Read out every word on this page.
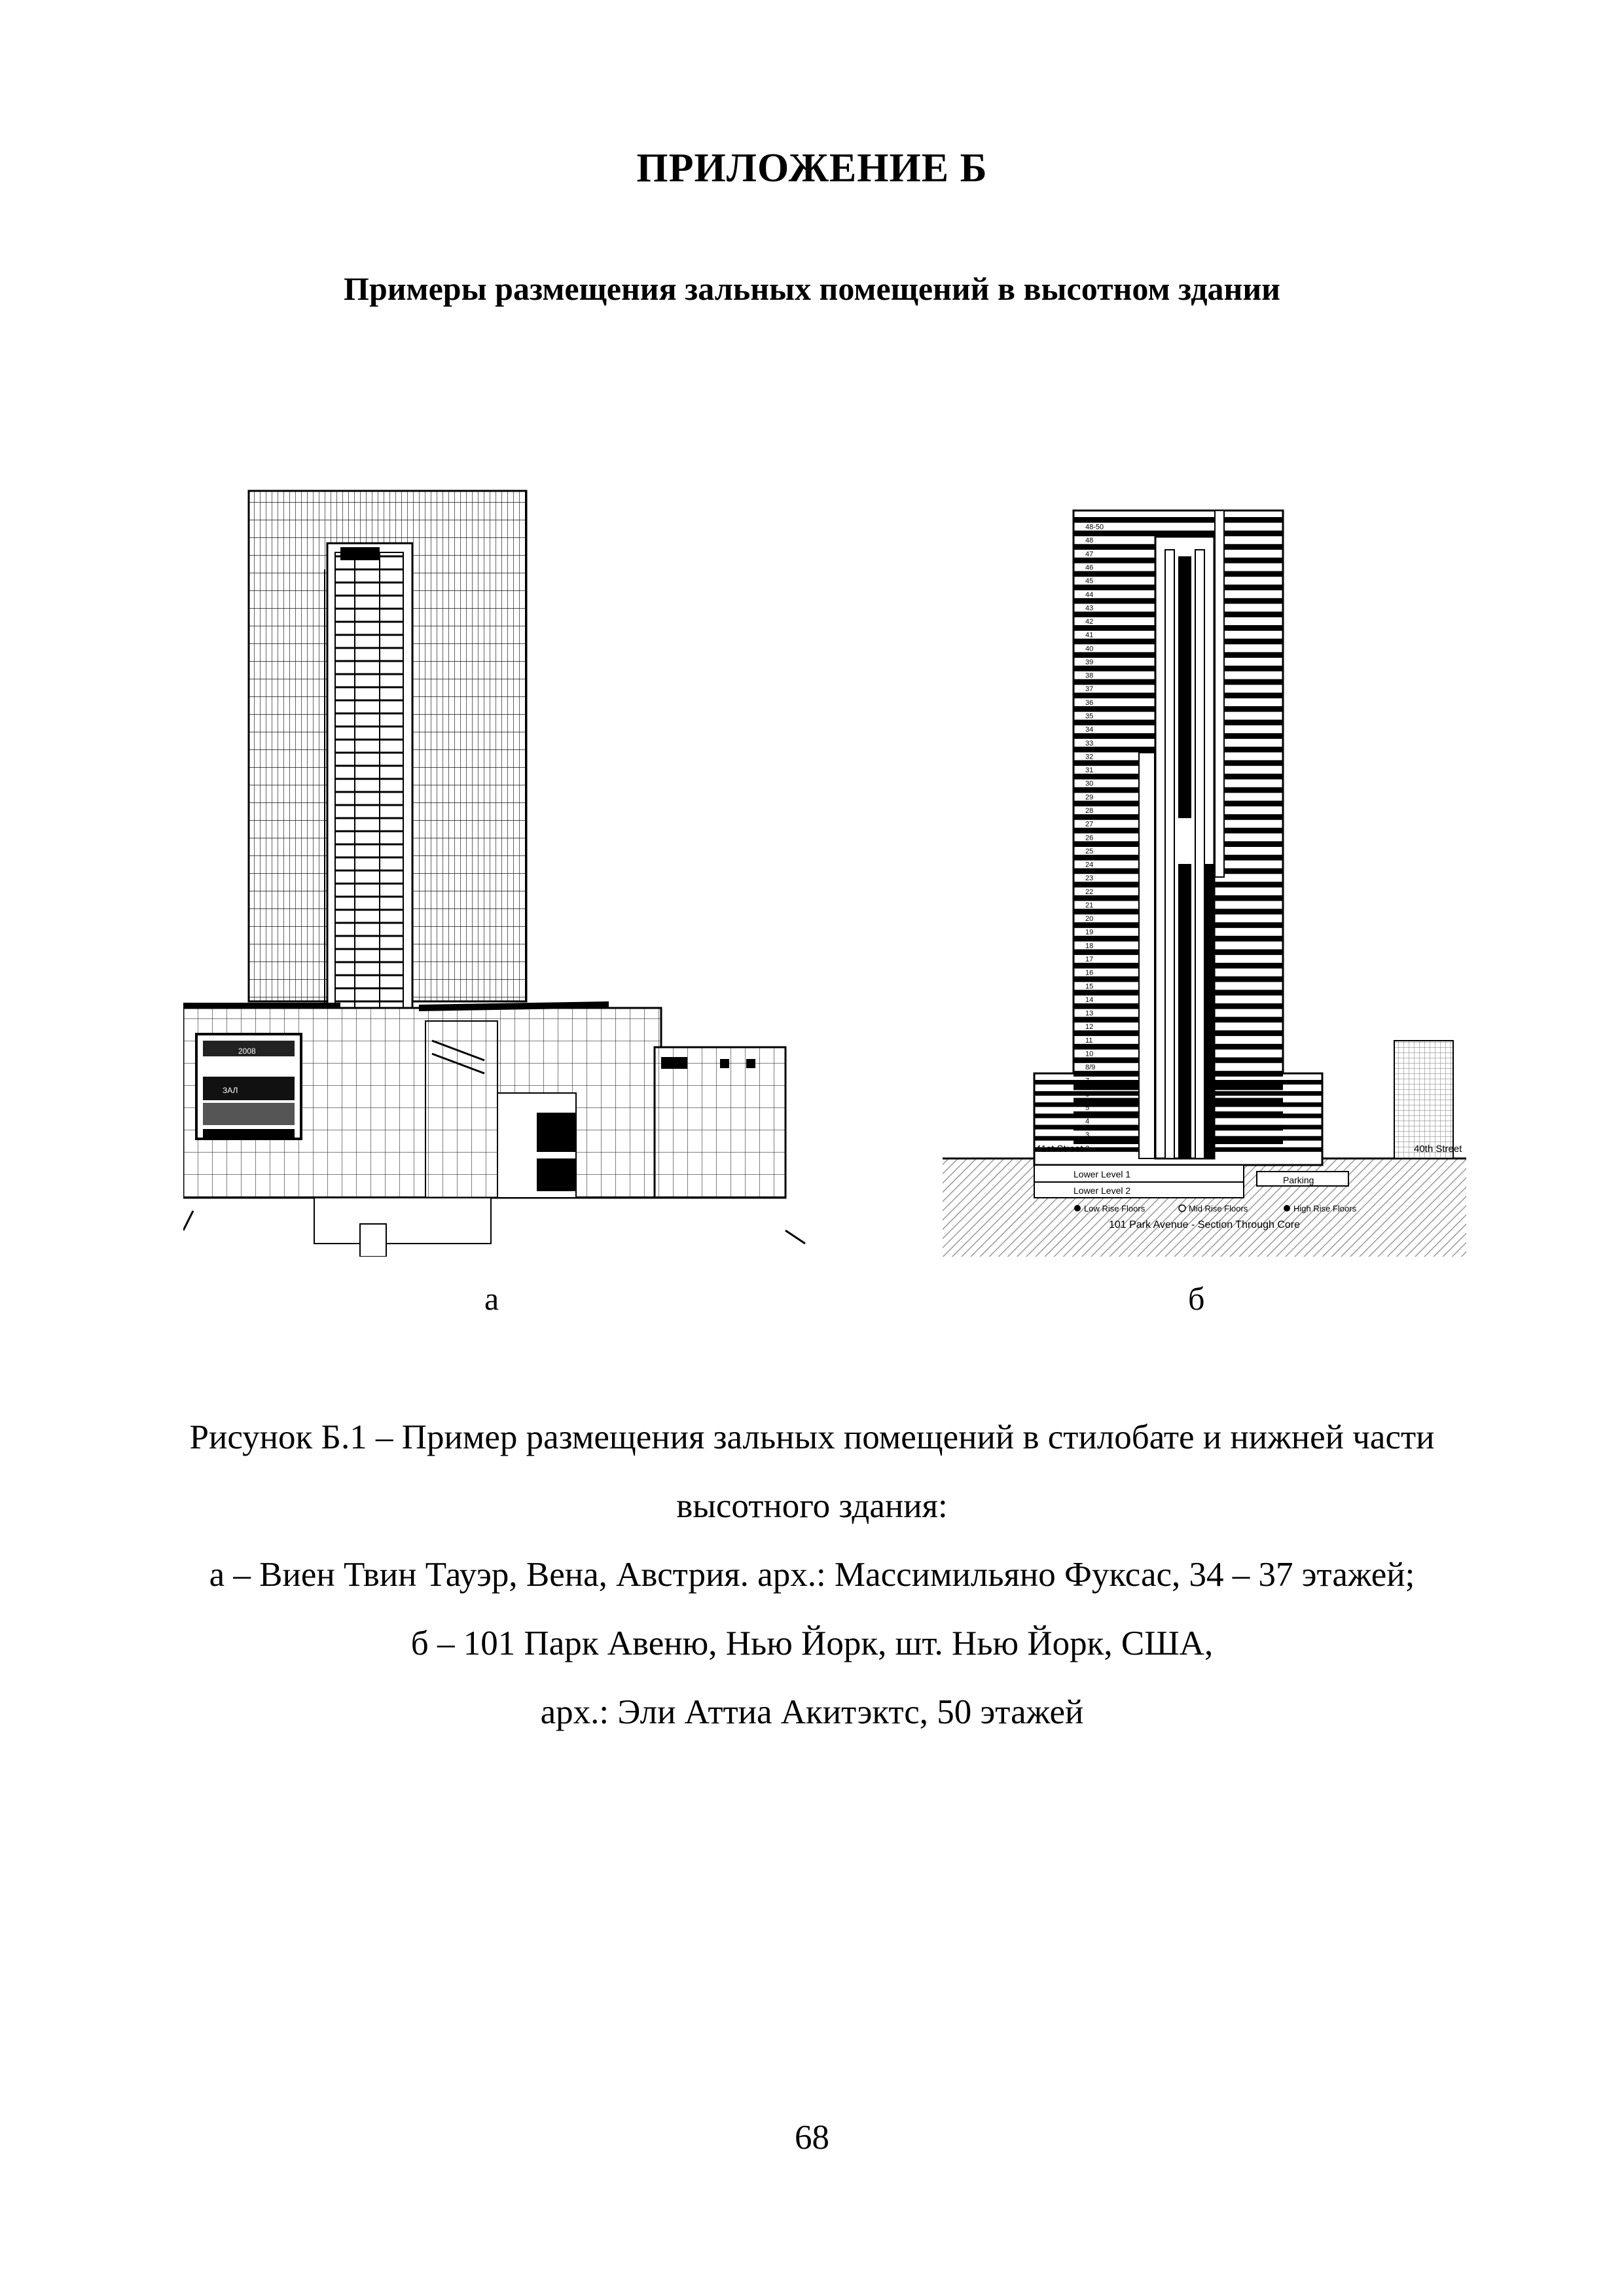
ПРИЛОЖЕНИЕ Б
Примеры размещения зальных помещений в высотном здании
2008
ЗАЛ
48-50
48
47
46
45
44
43
42
41
40
39
38
37
36
35
34
33
32
31
30
29
28
27
26
25
24
23
22
21
20
19
18
17
16
15
14
13
12
11
10
8/9
7
6
5
4
3
2
41st Street	40th Street
Lower Level 1
Lower Level 2
Parking
Low Rise Floors	Mid Rise Floors	High Rise Floors
101 Park Avenue - Section Through Core
а	б
Рисунок Б.1 – Пример размещения зальных помещений в стилобате и нижней части
высотного здания:
а – Виен Твин Тауэр, Вена, Австрия. арх.: Массимильяно Фуксас, 34 – 37 этажей;
б – 101 Парк Авеню, Нью Йорк, шт. Нью Йорк, США,
арх.: Эли Аттиа Акитэктс, 50 этажей
68
